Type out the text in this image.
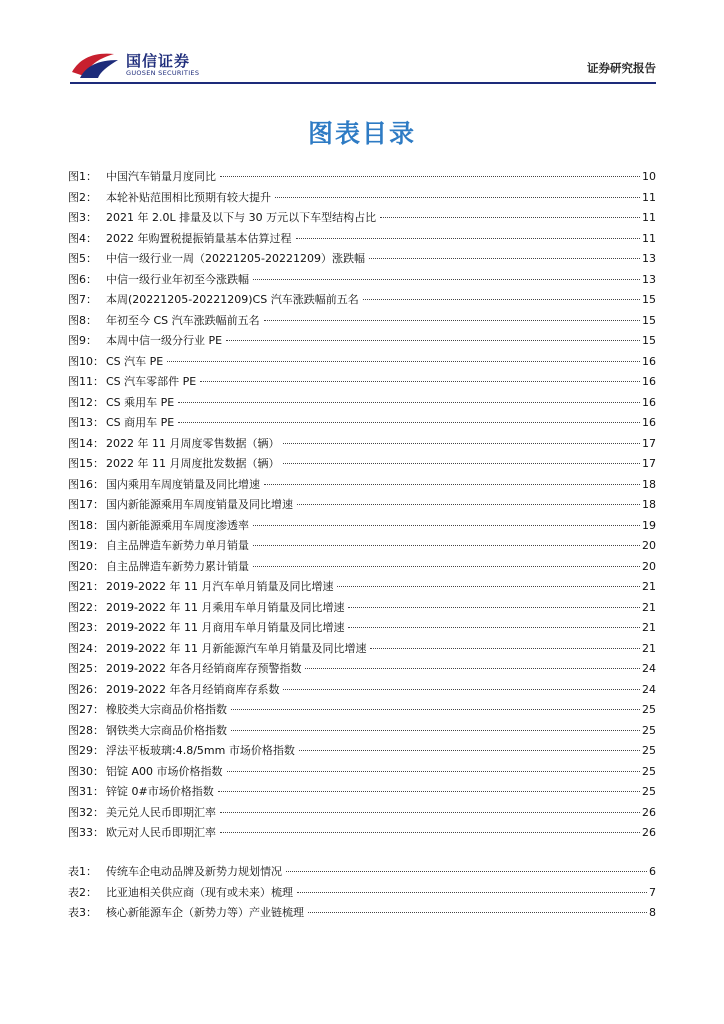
国信证券
GUOSEN SECURITIES	证券研究报告
图表目录
图1： 中国汽车销量月度同比	10
图2： 本轮补贴范围相比预期有较大提升	11
图3： 2021 年 2.0L 排量及以下与 30 万元以下车型结构占比	11
图4： 2022 年购置税提振销量基本估算过程	11
图5： 中信一级行业一周（20221205-20221209）涨跌幅	13
图6： 中信一级行业年初至今涨跌幅	13
图7： 本周(20221205-20221209)CS 汽车涨跌幅前五名	15
图8： 年初至今 CS 汽车涨跌幅前五名	15
图9： 本周中信一级分行业 PE	15
图10： CS 汽车 PE	16
图11： CS 汽车零部件 PE	16
图12： CS 乘用车 PE	16
图13： CS 商用车 PE	16
图14： 2022 年 11 月周度零售数据（辆）	17
图15： 2022 年 11 月周度批发数据（辆）	17
图16： 国内乘用车周度销量及同比增速	18
图17： 国内新能源乘用车周度销量及同比增速	18
图18： 国内新能源乘用车周度渗透率	19
图19： 自主品牌造车新势力单月销量	20
图20： 自主品牌造车新势力累计销量	20
图21： 2019-2022 年 11 月汽车单月销量及同比增速	21
图22： 2019-2022 年 11 月乘用车单月销量及同比增速	21
图23： 2019-2022 年 11 月商用车单月销量及同比增速	21
图24： 2019-2022 年 11 月新能源汽车单月销量及同比增速	21
图25： 2019-2022 年各月经销商库存预警指数	24
图26： 2019-2022 年各月经销商库存系数	24
图27： 橡胶类大宗商品价格指数	25
图28： 钢铁类大宗商品价格指数	25
图29： 浮法平板玻璃:4.8/5mm 市场价格指数	25
图30： 铝锭 A00 市场价格指数	25
图31： 锌锭 0#市场价格指数	25
图32： 美元兑人民币即期汇率	26
图33： 欧元对人民币即期汇率	26
表1： 传统车企电动品牌及新势力规划情况	6
表2： 比亚迪相关供应商（现有或未来）梳理	7
表3： 核心新能源车企（新势力等）产业链梳理	8
